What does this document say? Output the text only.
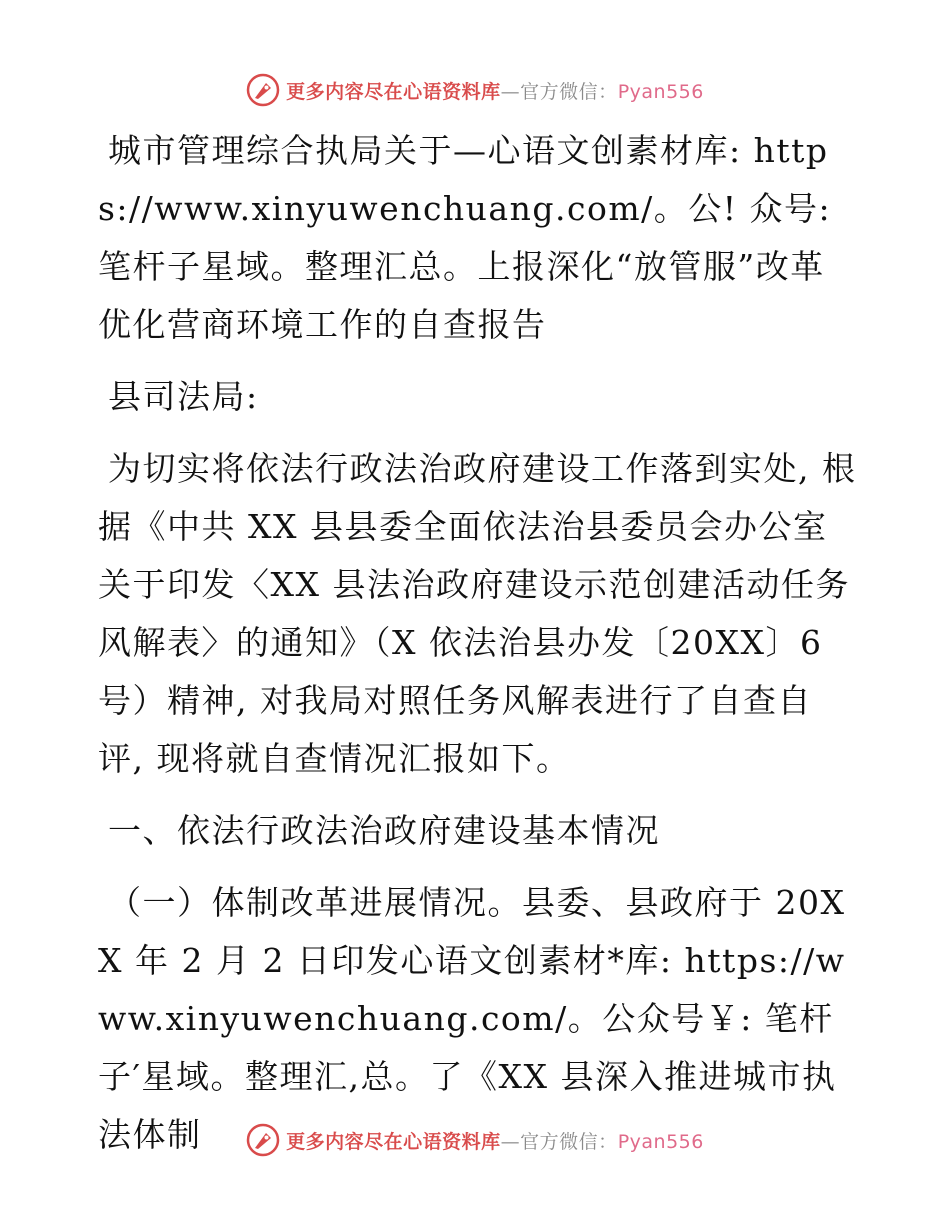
更多内容尽在心语资料库—官方微信：Pyan556

城市管理综合执局关于—心语文创素材库: https://www.xinyuwenchuang.com/。公! 众号: 笔杆子星域。整理汇总。上报深化“放管服”改革优化营商环境工作的自查报告

县司法局:

为切实将依法行政法治政府建设工作落到实处, 根据《中共 XX 县县委全面依法治县委员会办公室关于印发〈XX 县法治政府建设示范创建活动任务风解表〉的通知》（X 依法治县办发〔20XX〕6 号）精神, 对我局对照任务风解表进行了自查自评, 现将就自查情况汇报如下。

一、依法行政法治政府建设基本情况

（一）体制改革进展情况。县委、县政府于 20XX 年 2 月 2 日印发心语文创素材*库: https://www.xinyuwenchuang.com/。公众号￥: 笔杆子′星域。整理汇,总。了《XX 县深入推进城市执法体制	更多内容尽在心语资料库—官方微信：Pyan556
